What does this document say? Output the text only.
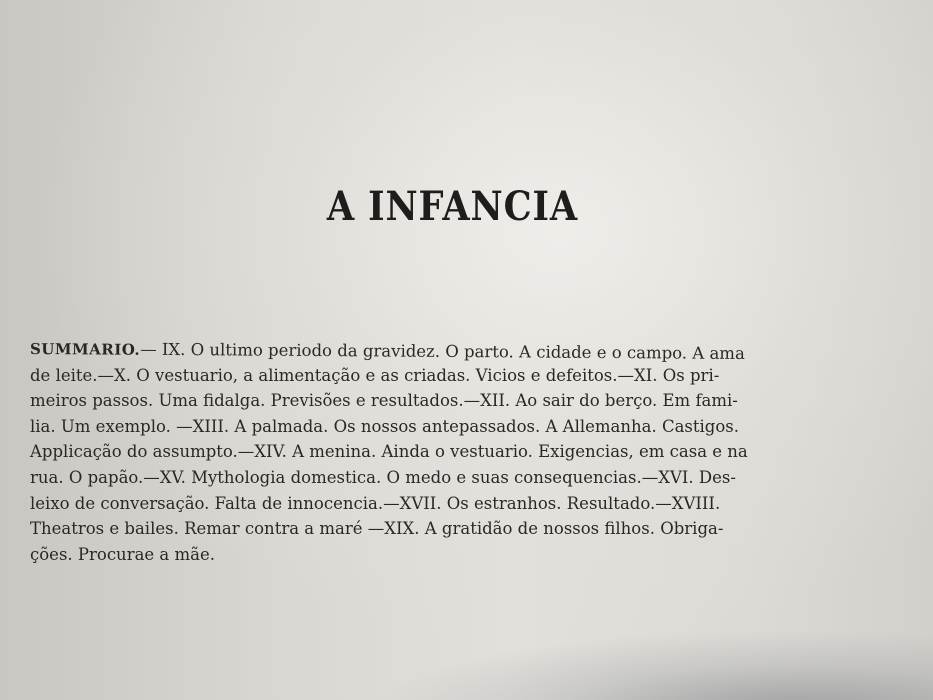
A INFANCIA
SUMMARIO.— IX. O ultimo periodo da gravidez. O parto. A cidade e o campo. A ama
de leite.—X. O vestuario, a alimentação e as criadas. Vicios e defeitos.—XI. Os pri-
meiros passos. Uma fidalga. Previsões e resultados.—XII. Ao sair do berço. Em fami-
lia. Um exemplo. —XIII. A palmada. Os nossos antepassados. A Allemanha. Castigos.
Applicação do assumpto.—XIV. A menina. Ainda o vestuario. Exigencias, em casa e na
rua. O papão.—XV. Mythologia domestica. O medo e suas consequencias.—XVI. Des-
leixo de conversação. Falta de innocencia.—XVII. Os estranhos. Resultado.—XVIII.
Theatros e bailes. Remar contra a maré —XIX. A gratidão de nossos filhos. Obriga-
ções. Procurae a mãe.
